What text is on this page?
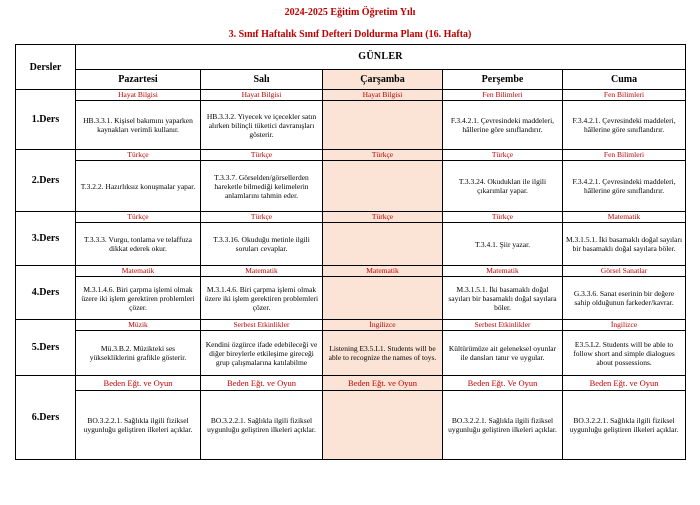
2024-2025 Eğitim Öğretim Yılı
3. Sınıf Haftalık Sınıf Defteri Doldurma Planı (16. Hafta)
Dersler	GÜNLER				
	Pazartesi	Salı	Çarşamba	Perşembe	Cuma
1.Ders	Hayat Bilgisi	Hayat Bilgisi	Hayat Bilgisi	Fen Bilimleri	Fen Bilimleri
	HB.3.3.1. Kişisel bakımını yaparken kaynakları verimli kullanır.	HB.3.3.2. Yiyecek ve içecekler satın alırken bilinçli tüketici davranışları gösterir.		F.3.4.2.1. Çevresindeki maddeleri, hâllerine göre sınıflandırır.	F.3.4.2.1. Çevresindeki maddeleri, hâllerine göre sınıflandırır.
2.Ders	Türkçe	Türkçe	Türkçe	Türkçe	Fen Bilimleri
	T.3.2.2. Hazırlıksız konuşmalar yapar.	T.3.3.7. Görselden/görsellerden hareketle bilmediği kelimelerin anlamlarını tahmin eder.		T.3.3.24. Okuduklan ile ilgili çıkarımlar yapar.	F.3.4.2.1. Çevresindeki maddeleri, hâllerine göre sınıflandırır.
3.Ders	Türkçe	Türkçe	Türkçe	Türkçe	Matematik
	T.3.3.3. Vurgu, tonlama ve telaffuza dikkat ederek okur.	T.3.3.16. Okuduğu metinle ilgili soruları cevaplar.		T.3.4.1. Şiir yazar.	M.3.1.5.1. İki basamaklı doğal sayıları bir basamaklı doğal sayılara böler.
4.Ders	Matematik	Matematik	Matematik	Matematik	Görsel Sanatlar
	M.3.1.4.6. Biri çarpma işlemi olmak üzere iki işlem gerektiren problemleri çözer.	M.3.1.4.6. Biri çarpma işlemi olmak üzere iki işlem gerektiren problemleri çözer.		M.3.1.5.1. İki basamaklı doğal sayıları bir basamaklı doğal sayılara böler.	G.3.3.6. Sanat eserinin bir değere sahip olduğunun farkeder/kavrar.
5.Ders	Müzik	Serbest Etkinlikler	İngilizce	Serbest Etkinlikler	İngilizce
	Mü.3.B.2. Müzikteki ses yüksekliklerini grafikle gösterir.	Kendini özgürce ifade edebileceği ve diğer bireylerle etkileşime gireceği grup çalışmalarına katılabilme	Listening E3.5.L1. Students will be able to recognize the names of toys.	Kültürümüze ait geleneksel oyunlar ile dansları tanır ve uygular.	E3.5.L2. Students will be able to follow short and simple dialogues about possessions.
6.Ders	Beden Eğt. ve Oyun	Beden Eğt. ve Oyun	Beden Eğt. ve Oyun	Beden Eğt. Ve Oyun	Beden Eğt. ve Oyun
	BO.3.2.2.1. Sağlıkla ilgili fiziksel uygunluğu geliştiren ilkeleri açıklar.	BO.3.2.2.1. Sağlıkla ilgili fiziksel uygunluğu geliştiren ilkeleri açıklar.		BO.3.2.2.1. Sağlıkla ilgili fiziksel uygunluğu geliştiren ilkeleri açıklar.	BO.3.2.2.1. Sağlıkla ilgili fiziksel uygunluğu geliştiren ilkeleri açıklar.
